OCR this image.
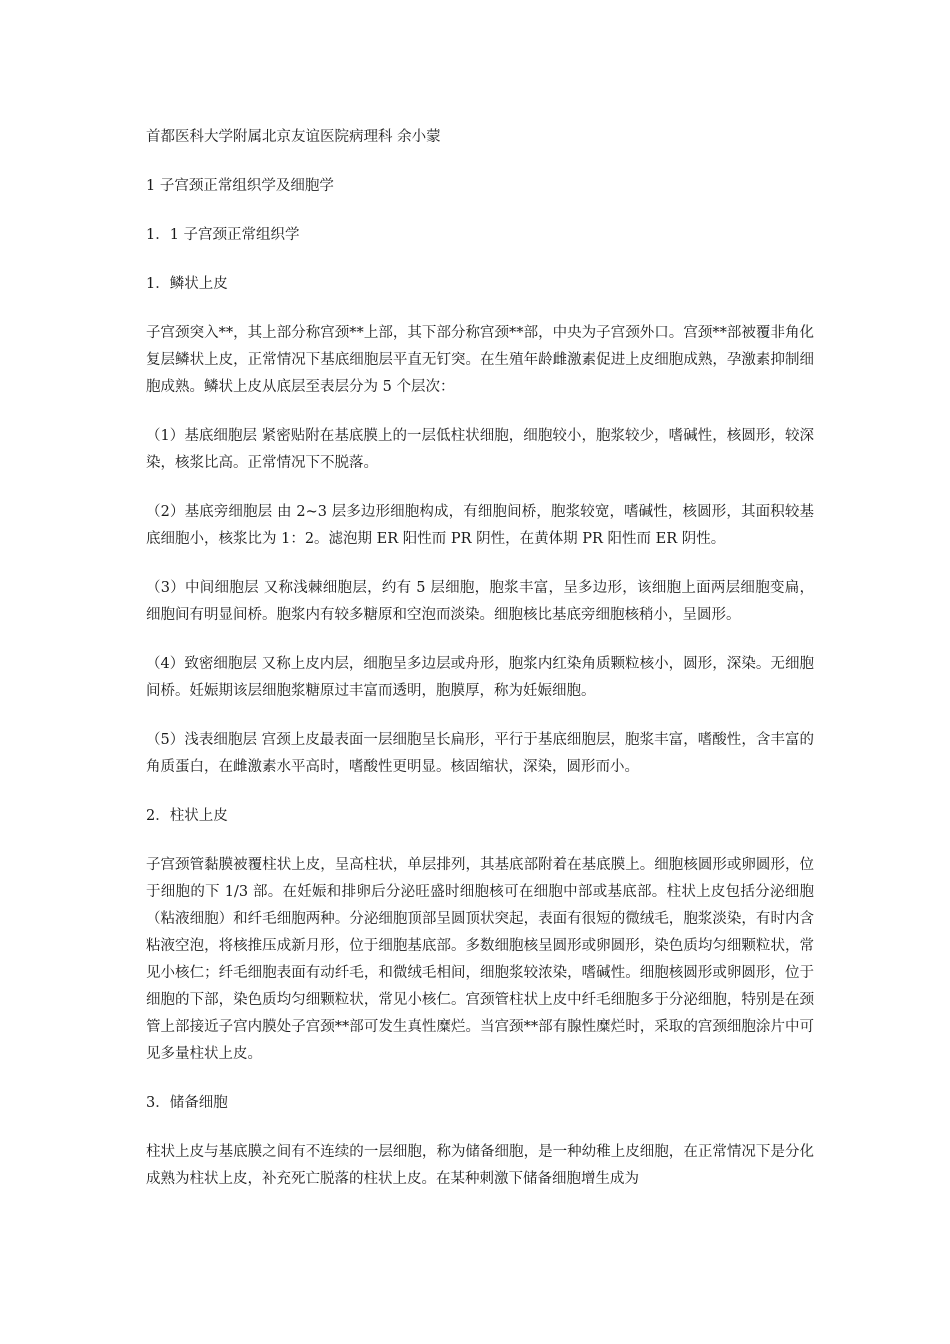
首都医科大学附属北京友谊医院病理科 余小蒙

1 子宫颈正常组织学及细胞学

1．1 子宫颈正常组织学

1．鳞状上皮

子宫颈突入**，其上部分称宫颈**上部，其下部分称宫颈**部，中央为子宫颈外口。宫颈**部被覆非角化复层鳞状上皮，正常情况下基底细胞层平直无钉突。在生殖年龄雌激素促进上皮细胞成熟，孕激素抑制细胞成熟。鳞状上皮从底层至表层分为 5 个层次：

（1）基底细胞层 紧密贴附在基底膜上的一层低柱状细胞，细胞较小，胞浆较少，嗜碱性，核圆形，较深染，核浆比高。正常情况下不脱落。

（2）基底旁细胞层 由 2~3 层多边形细胞构成，有细胞间桥，胞浆较宽，嗜碱性，核圆形，其面积较基底细胞小，核浆比为 1：2。滤泡期 ER 阳性而 PR 阴性，在黄体期 PR 阳性而 ER 阴性。

（3）中间细胞层 又称浅棘细胞层，约有 5 层细胞，胞浆丰富，呈多边形，该细胞上面两层细胞变扁，细胞间有明显间桥。胞浆内有较多糖原和空泡而淡染。细胞核比基底旁细胞核稍小，呈圆形。

（4）致密细胞层 又称上皮内层，细胞呈多边层或舟形，胞浆内红染角质颗粒核小，圆形，深染。无细胞间桥。妊娠期该层细胞浆糖原过丰富而透明，胞膜厚，称为妊娠细胞。

（5）浅表细胞层 宫颈上皮最表面一层细胞呈长扁形，平行于基底细胞层，胞浆丰富，嗜酸性，含丰富的角质蛋白，在雌激素水平高时，嗜酸性更明显。核固缩状，深染，圆形而小。

2．柱状上皮

子宫颈管黏膜被覆柱状上皮，呈高柱状，单层排列，其基底部附着在基底膜上。细胞核圆形或卵圆形，位于细胞的下 1/3 部。在妊娠和排卵后分泌旺盛时细胞核可在细胞中部或基底部。柱状上皮包括分泌细胞（粘液细胞）和纤毛细胞两种。分泌细胞顶部呈圆顶状突起，表面有很短的微绒毛，胞浆淡染，有时内含粘液空泡，将核推压成新月形，位于细胞基底部。多数细胞核呈圆形或卵圆形，染色质均匀细颗粒状，常见小核仁；纤毛细胞表面有动纤毛，和微绒毛相间，细胞浆较浓染，嗜碱性。细胞核圆形或卵圆形，位于细胞的下部，染色质均匀细颗粒状，常见小核仁。宫颈管柱状上皮中纤毛细胞多于分泌细胞，特别是在颈管上部接近子宫内膜处子宫颈**部可发生真性糜烂。当宫颈**部有腺性糜烂时，采取的宫颈细胞涂片中可见多量柱状上皮。

3．储备细胞

柱状上皮与基底膜之间有不连续的一层细胞，称为储备细胞，是一种幼稚上皮细胞，在正常情况下是分化成熟为柱状上皮，补充死亡脱落的柱状上皮。在某种刺激下储备细胞增生成为
